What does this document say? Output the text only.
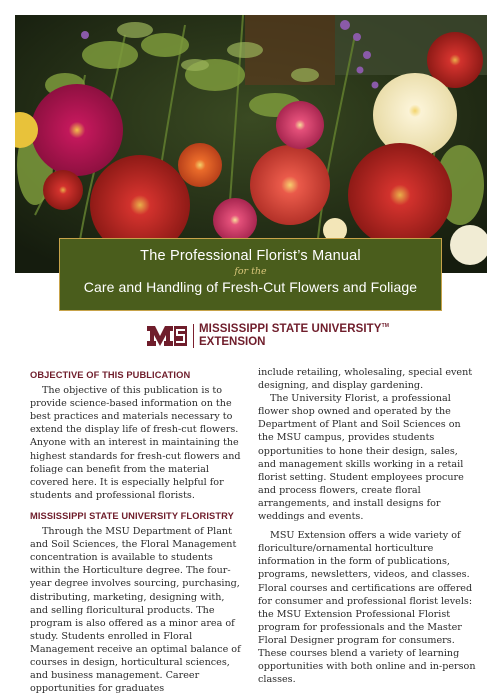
The Professional Florist’s Manual
for the
Care and Handling of Fresh-Cut Flowers and Foliage
MISSISSIPPI STATE UNIVERSITY™
EXTENSION
OBJECTIVE OF THIS PUBLICATION

The objective of this publication is to provide science-based information on the best practices and materials necessary to extend the display life of fresh-cut flowers. Anyone with an interest in maintaining the highest standards for fresh-cut flowers and foliage can benefit from the material covered here. It is especially helpful for students and professional florists.

MISSISSIPPI STATE UNIVERSITY FLORISTRY

Through the MSU Department of Plant and Soil Sciences, the Floral Management concentration is available to students within the Horticulture degree. The four-year degree involves sourcing, purchasing, distributing, marketing, designing with, and selling floricultural products. The program is also offered as a minor area of study. Students enrolled in Floral Management receive an optimal balance of courses in design, horticultural sciences, and business management. Career opportunities for graduates

include retailing, wholesaling, special event designing, and display gardening.

The University Florist, a professional flower shop owned and operated by the Department of Plant and Soil Sciences on the MSU campus, provides students opportunities to hone their design, sales, and management skills working in a retail florist setting. Student employees procure and process flowers, create floral arrangements, and install designs for weddings and events.

MSU Extension offers a wide variety of floriculture/ornamental horticulture information in the form of publications, programs, newsletters, videos, and classes. Floral courses and certifications are offered for consumer and professional florist levels: the MSU Extension Professional Florist program for professionals and the Master Floral Designer program for consumers. These courses blend a variety of learning opportunities with both online and in-person classes.
